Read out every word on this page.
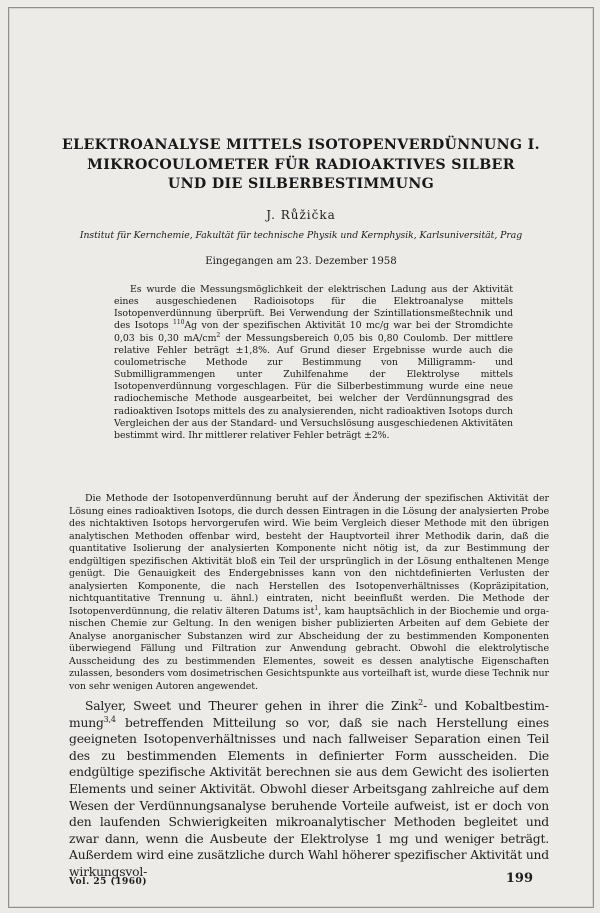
ELEKTROANALYSE MITTELS ISOTOPENVERDÜNNUNG I.
MIKROCOULOMETER FÜR RADIOAKTIVES SILBER
UND DIE SILBERBESTIMMUNG
J. Růžička
Institut für Kernchemie, Fakultät für technische Physik und Kernphysik, Karlsuniversität, Prag
Eingegangen am 23. Dezember 1958

Es wurde die Messungsmöglichkeit der elektrischen Ladung aus der Aktivität eines ausgeschiedenen Radioisotops für die Elektroanalyse mittels Isotopenverdünnung überprüft. Bei Verwendung der Szintillationsmeßtechnik und des Isotops $^{110}$Ag von der spezifischen Aktivität 10 mc/g war bei der Stromdichte 0,03 bis 0,30 $mA/cm^2$ der Messungsbereich 0,05 bis 0,80 Coulomb. Der mittlere relative Fehler beträgt ±1,8%. Auf Grund dieser Ergebnisse wurde auch die coulometrische Methode zur Bestimmung von Milligramm- und Submilligrammengen unter Zuhilfenahme der Elektrolyse mittels Isotopenverdünnung vorgeschlagen. Für die Silberbestimmung wurde eine neue radiochemische Methode ausgearbeitet, bei welcher der Verdünnungsgrad des radioaktiven Isotops mittels des zu analysierenden, nicht radioaktiven Isotops durch Vergleichen der aus der Standard- und Versuchslösung ausgeschiedenen Aktivitäten bestimmt wird. Ihr mittlerer relativer Fehler beträgt ±2%.

Die Methode der Isotopenverdünnung beruht auf der Änderung der spezifischen Aktivität der Lösung eines radioaktiven Isotops, die durch dessen Eintragen in die Lösung der analysierten Probe des nichtaktiven Isotops hervorgerufen wird. Wie beim Vergleich dieser Methode mit den übrigen analytischen Methoden offenbar wird, besteht der Hauptvorteil ihrer Methodik darin, daß die quantitative Isolierung der analysierten Komponente nicht nötig ist, da zur Bestimmung der endgültigen spezifischen Aktivität bloß ein Teil der ursprünglich in der Lösung enthaltenen Menge genügt. Die Genauigkeit des Endergebnisses kann von den nichtdefinierten Verlusten der analysierten Komponente, die nach Herstellen des Isotopenverhältnisses (Kopräzipitation, nichtquantitative Trennung u. ähnl.) eintraten, nicht beeinflußt werden. Die Methode der Isotopenverdünnung, die relativ älteren Datums ist$^1$, kam hauptsächlich in der Biochemie und organischen Chemie zur Geltung. In den wenigen bisher publizierten Arbeiten auf dem Gebiete der Analyse anorganischer Substanzen wird zur Abscheidung der zu bestimmenden Komponenten überwiegend Fällung und Filtration zur Anwendung gebracht. Obwohl die elektrolytische Ausscheidung des zu bestimmenden Elementes, soweit es dessen analytische Eigenschaften zulassen, besonders vom dosimetrischen Gesichtspunkte aus vorteilhaft ist, wurde diese Technik nur von sehr wenigen Autoren angewendet.

Salyer, Sweet und Theurer gehen in ihrer die Zink$^2$- und Kobaltbestimmung$^{3,4}$ betreffenden Mitteilung so vor, daß sie nach Herstellung eines geeigneten Isotopenverhältnisses und nach fallweiser Separation einen Teil des zu bestimmenden Elements in definierter Form ausscheiden. Die endgültige spezifische Aktivität berechnen sie aus dem Gewicht des isolierten Elements und seiner Aktivität. Obwohl dieser Arbeitsgang zahlreiche auf dem Wesen der Verdünnungsanalyse beruhende Vorteile aufweist, ist er doch von den laufenden Schwierigkeiten mikroanalytischer Methoden begleitet und zwar dann, wenn die Ausbeute der Elektrolyse 1 mg und weniger beträgt. Außerdem wird eine zusätzliche durch Wahl höherer spezifischer Aktivität und wirkungsvol-

Vol. 25 (1960)	199
